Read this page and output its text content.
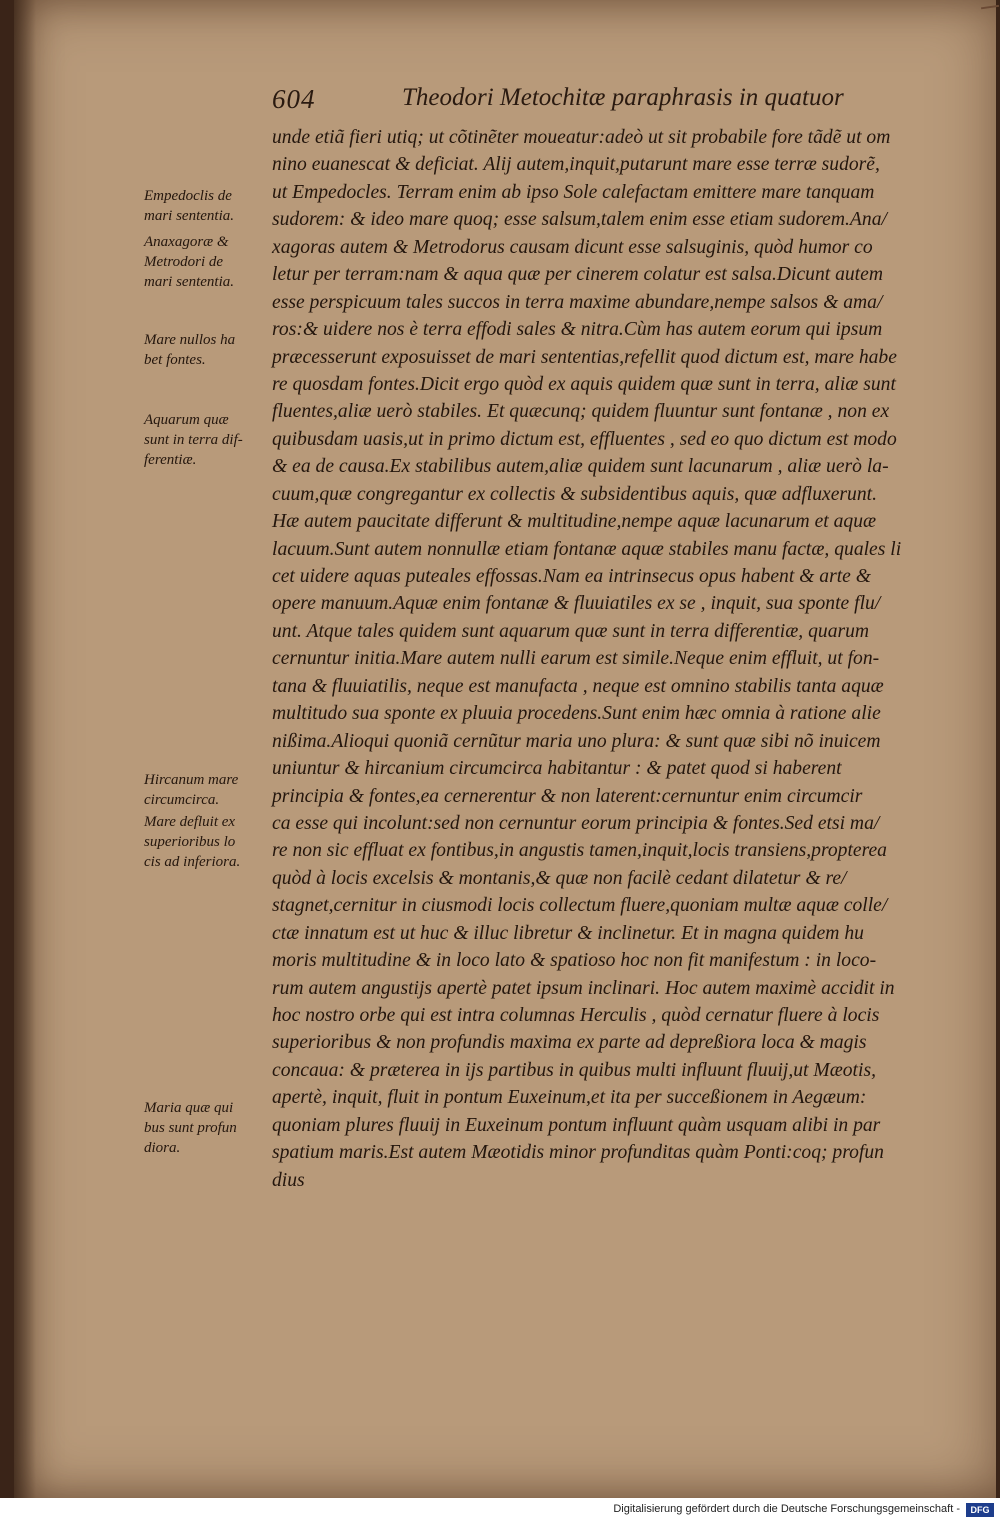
604	Theodori Metochitæ paraphrasis in quatuor
unde etiã fieri utiq; ut cõtinẽter moueatur:adeò ut sit probabile fore tãdẽ ut om
nino euanescat & deficiat. Alij autem,inquit,putarunt mare esse terræ sudorẽ,
ut Empedocles. Terram enim ab ipso Sole calefactam emittere mare tanquam
sudorem: & ideo mare quoq; esse salsum,talem enim esse etiam sudorem.Ana/
xagoras autem & Metrodorus causam dicunt esse salsuginis, quòd humor co
letur per terram:nam & aqua quæ per cinerem colatur est salsa.Dicunt autem
esse perspicuum tales succos in terra maxime abundare,nempe salsos & ama/
ros:& uidere nos è terra effodi sales & nitra.Cùm has autem eorum qui ipsum
præcesserunt exposuisset de mari sententias,refellit quod dictum est, mare habe
re quosdam fontes.Dicit ergo quòd ex aquis quidem quæ sunt in terra, aliæ sunt
fluentes,aliæ uerò stabiles. Et quæcunq; quidem fluuntur sunt fontanæ , non ex
quibusdam uasis,ut in primo dictum est, effluentes , sed eo quo dictum est modo
& ea de causa.Ex stabilibus autem,aliæ quidem sunt lacunarum , aliæ uerò la-
cuum,quæ congregantur ex collectis & subsidentibus aquis, quæ adfluxerunt.
Hæ autem paucitate differunt & multitudine,nempe aquæ lacunarum et aquæ
lacuum.Sunt autem nonnullæ etiam fontanæ aquæ stabiles manu factæ, quales li
cet uidere aquas puteales effossas.Nam ea intrinsecus opus habent & arte &
opere manuum.Aquæ enim fontanæ & fluuiatiles ex se , inquit, sua sponte flu/
unt. Atque tales quidem sunt aquarum quæ sunt in terra differentiæ, quarum
cernuntur initia.Mare autem nulli earum est simile.Neque enim effluit, ut fon-
tana & fluuiatilis, neque est manufacta , neque est omnino stabilis tanta aquæ
multitudo sua sponte ex pluuia procedens.Sunt enim hæc omnia à ratione alie
nißima.Alioqui quoniã cernũtur maria uno plura: & sunt quæ sibi nõ inuicem
uniuntur & hircanium circumcirca habitantur : & patet quod si haberent
principia & fontes,ea cernerentur & non laterent:cernuntur enim circumcir
ca esse qui incolunt:sed non cernuntur eorum principia & fontes.Sed etsi ma/
re non sic effluat ex fontibus,in angustis tamen,inquit,locis transiens,propterea
quòd à locis excelsis & montanis,& quæ non facilè cedant dilatetur & re/
stagnet,cernitur in ciusmodi locis collectum fluere,quoniam multæ aquæ colle/
ctæ innatum est ut huc & illuc libretur & inclinetur. Et in magna quidem hu
moris multitudine & in loco lato & spatioso hoc non fit manifestum : in loco-
rum autem angustijs apertè patet ipsum inclinari. Hoc autem maximè accidit in
hoc nostro orbe qui est intra columnas Herculis , quòd cernatur fluere à locis
superioribus & non profundis maxima ex parte ad depreßiora loca & magis
concaua: & præterea in ijs partibus in quibus multi influunt fluuij,ut Mæotis,
apertè, inquit, fluit in pontum Euxeinum,et ita per succeßionem in Aegæum:
quoniam plures fluuij in Euxeinum pontum influunt quàm usquam alibi in par
spatium maris.Est autem Mæotidis minor profunditas quàm Ponti:coq; profun
dius
Empedoclis de
mari sententia.
Anaxagoræ &
Metrodori de
mari sententia.
Mare nullos ha
bet fontes.
Aquarum quæ
sunt in terra dif-
ferentiæ.
Hircanum mare
circumcirca.
Mare defluit ex
superioribus lo
cis ad inferiora.
Maria quæ qui
bus sunt profun
diora.
Digitalisierung gefördert durch die Deutsche Forschungsgemeinschaft -	DFG
